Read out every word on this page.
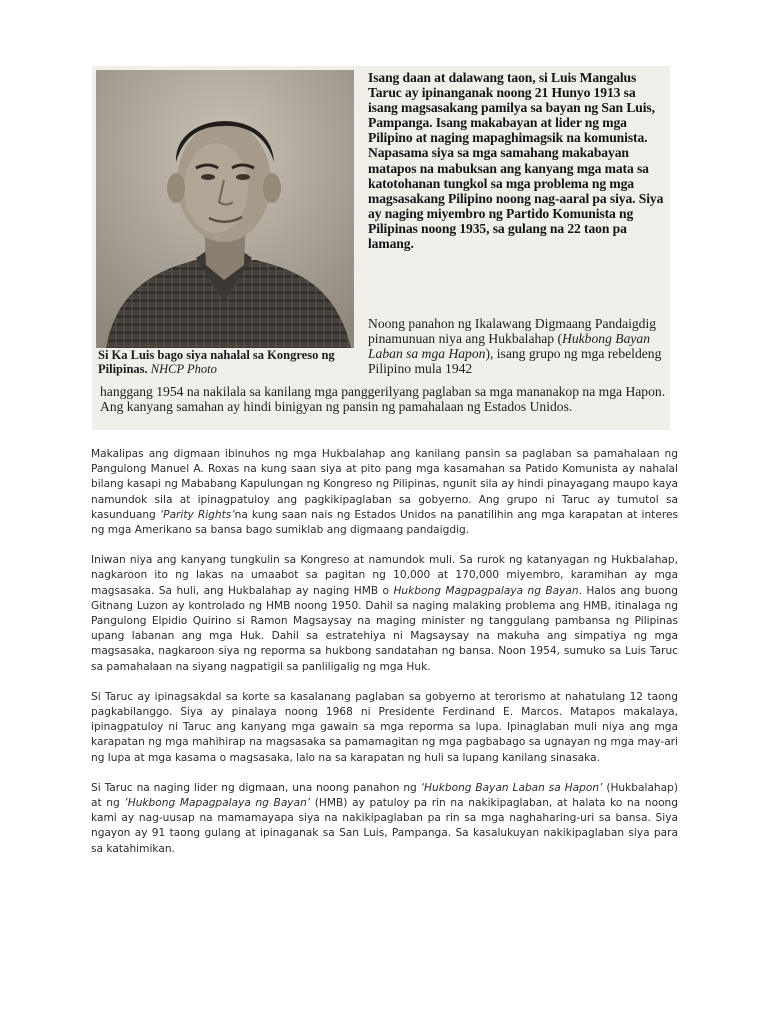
Si Ka Luis bago siya nahalal sa Kongreso ng Pilipinas. NHCP Photo
Isang daan at dalawang taon, si Luis Mangalus Taruc ay ipinanganak noong 21 Hunyo 1913 sa isang magsasakang pamilya sa bayan ng San Luis, Pampanga. Isang makabayan at lider ng mga Pilipino at naging mapaghimagsik na komunista. Napasama siya sa mga samahang makabayan matapos na mabuksan ang kanyang mga mata sa katotohanan tungkol sa mga problema ng mga magsasakang Pilipino noong nag-aaral pa siya. Siya ay naging miyembro ng Partido Komunista ng Pilipinas noong 1935, sa gulang na 22 taon pa lamang.
Noong panahon ng Ikalawang Digmaang Pandaigdig pinamunuan niya ang Hukbalahap (Hukbong Bayan Laban sa mga Hapon), isang grupo ng mga rebeldeng Pilipino mula 1942
hanggang 1954 na nakilala sa kanilang mga panggerilyang paglaban sa mga mananakop na mga Hapon. Ang kanyang samahan ay hindi binigyan ng pansin ng pamahalaan ng Estados Unidos.

Makalipas ang digmaan ibinuhos ng mga Hukbalahap ang kanilang pansin sa paglaban sa pamahalaan ng Pangulong Manuel A. Roxas na kung saan siya at pito pang mga kasamahan sa Patido Komunista ay nahalal bilang kasapi ng Mababang Kapulungan ng Kongreso ng Pilipinas, ngunit sila ay hindi pinayagang maupo kaya namundok sila at ipinagpatuloy ang pagkikipaglaban sa gobyerno. Ang grupo ni Taruc ay tumutol sa kasunduang ‘Parity Rights’na kung saan nais ng Estados Unidos na panatilihin ang mga karapatan at interes ng mga Amerikano sa bansa bago sumiklab ang digmaang pandaigdig.

Iniwan niya ang kanyang tungkulin sa Kongreso at namundok muli. Sa rurok ng katanyagan ng Hukbalahap, nagkaroon ito ng lakas na umaabot sa pagitan ng 10,000 at 170,000 miyembro, karamihan ay mga magsasaka. Sa huli, ang Hukbalahap ay naging HMB o Hukbong Magpagpalaya ng Bayan. Halos ang buong Gitnang Luzon ay kontrolado ng HMB noong 1950. Dahil sa naging malaking problema ang HMB, itinalaga ng Pangulong Elpidio Quirino si Ramon Magsaysay na maging minister ng tanggulang pambansa ng Pilipinas upang labanan ang mga Huk. Dahil sa estratehiya ni Magsaysay na makuha ang simpatiya ng mga magsasaka, nagkaroon siya ng reporma sa hukbong sandatahan ng bansa. Noon 1954, sumuko sa Luis Taruc sa pamahalaan na siyang nagpatigil sa panliligalig ng mga Huk.

Si Taruc ay ipinagsakdal sa korte sa kasalanang paglaban sa gobyerno at terorismo at nahatulang 12 taong pagkabilanggo. Siya ay pinalaya noong 1968 ni Presidente Ferdinand E. Marcos. Matapos makalaya, ipinagpatuloy ni Taruc ang kanyang mga gawain sa mga reporma sa lupa. Ipinaglaban muli niya ang mga karapatan ng mga mahihirap na magsasaka sa pamamagitan ng mga pagbabago sa ugnayan ng mga may-ari ng lupa at mga kasama o magsasaka, lalo na sa karapatan ng huli sa lupang kanilang sinasaka.

Si Taruc na naging lider ng digmaan, una noong panahon ng ‘Hukbong Bayan Laban sa Hapon’ (Hukbalahap) at ng ‘Hukbong Mapagpalaya ng Bayan’ (HMB) ay patuloy pa rin na nakikipaglaban, at halata ko na noong kami ay nag-uusap na mamamayapa siya na nakikipaglaban pa rin sa mga naghaharing-uri sa bansa. Siya ngayon ay 91 taong gulang at ipinaganak sa San Luis, Pampanga. Sa kasalukuyan nakikipaglaban siya para sa katahimikan.
